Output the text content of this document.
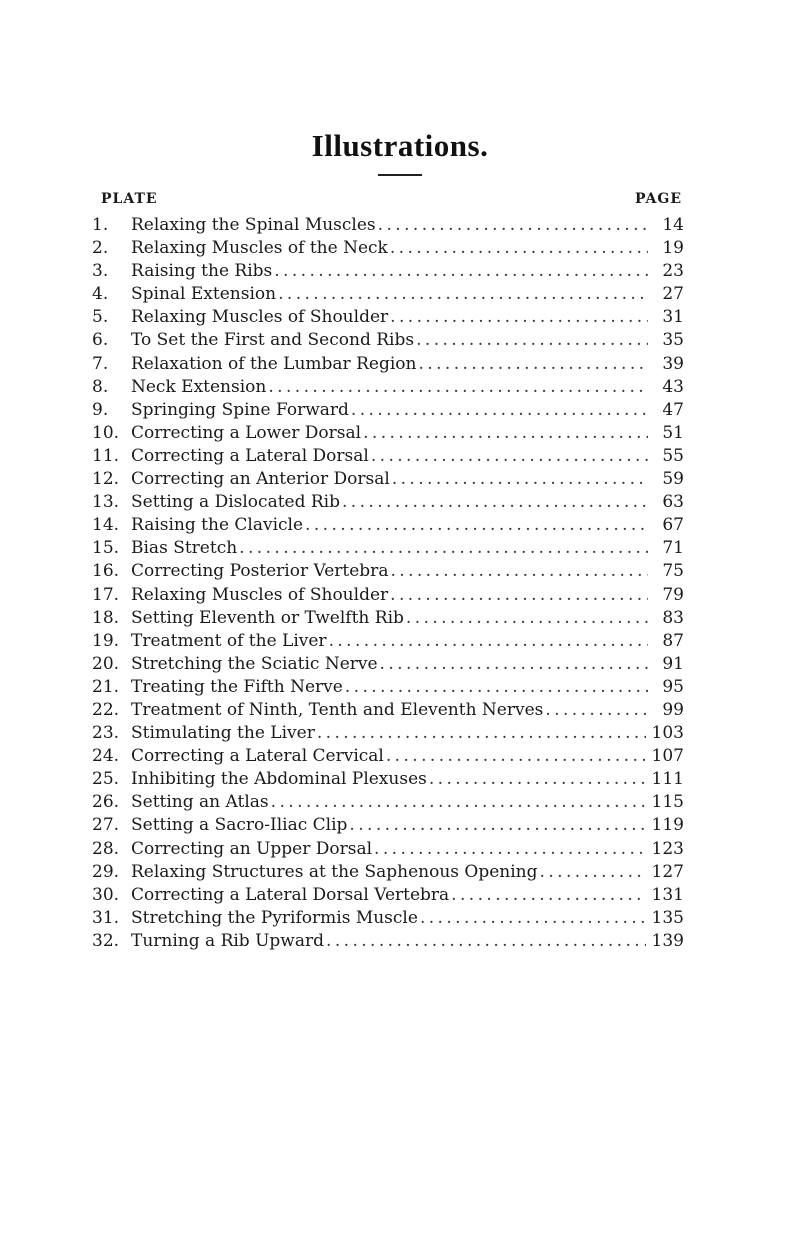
Illustrations.
PLATE	PAGE
1.	Relaxing the Spinal Muscles . . .	14
2.	Relaxing Muscles of the Neck . . .	19
3.	Raising the Ribs . . .	23
4.	Spinal Extension . . .	27
5.	Relaxing Muscles of Shoulder . . .	31
6.	To Set the First and Second Ribs . . .	35
7.	Relaxation of the Lumbar Region . . .	39
8.	Neck Extension . . .	43
9.	Springing Spine Forward . . .	47
10. Correcting a Lower Dorsal . . .	51
11. Correcting a Lateral Dorsal . . .	55
12. Correcting an Anterior Dorsal . . .	59
13. Setting a Dislocated Rib . . .	63
14. Raising the Clavicle . . .	67
15. Bias Stretch . . .	71
16. Correcting Posterior Vertebra . . .	75
17. Relaxing Muscles of Shoulder . . .	79
18. Setting Eleventh or Twelfth Rib . . .	83
19. Treatment of the Liver . . .	87
20. Stretching the Sciatic Nerve . . .	91
21. Treating the Fifth Nerve . . .	95
22. Treatment of Ninth, Tenth and Eleventh Nerves . . .	99
23. Stimulating the Liver . . .	103
24. Correcting a Lateral Cervical . . .	107
25. Inhibiting the Abdominal Plexuses . . .	111
26. Setting an Atlas . . .	115
27. Setting a Sacro-Iliac Clip . . .	119
28. Correcting an Upper Dorsal . . .	123
29. Relaxing Structures at the Saphenous Opening . . .	127
30. Correcting a Lateral Dorsal Vertebra . . .	131
31. Stretching the Pyriformis Muscle . . .	135
32. Turning a Rib Upward . . .	139
